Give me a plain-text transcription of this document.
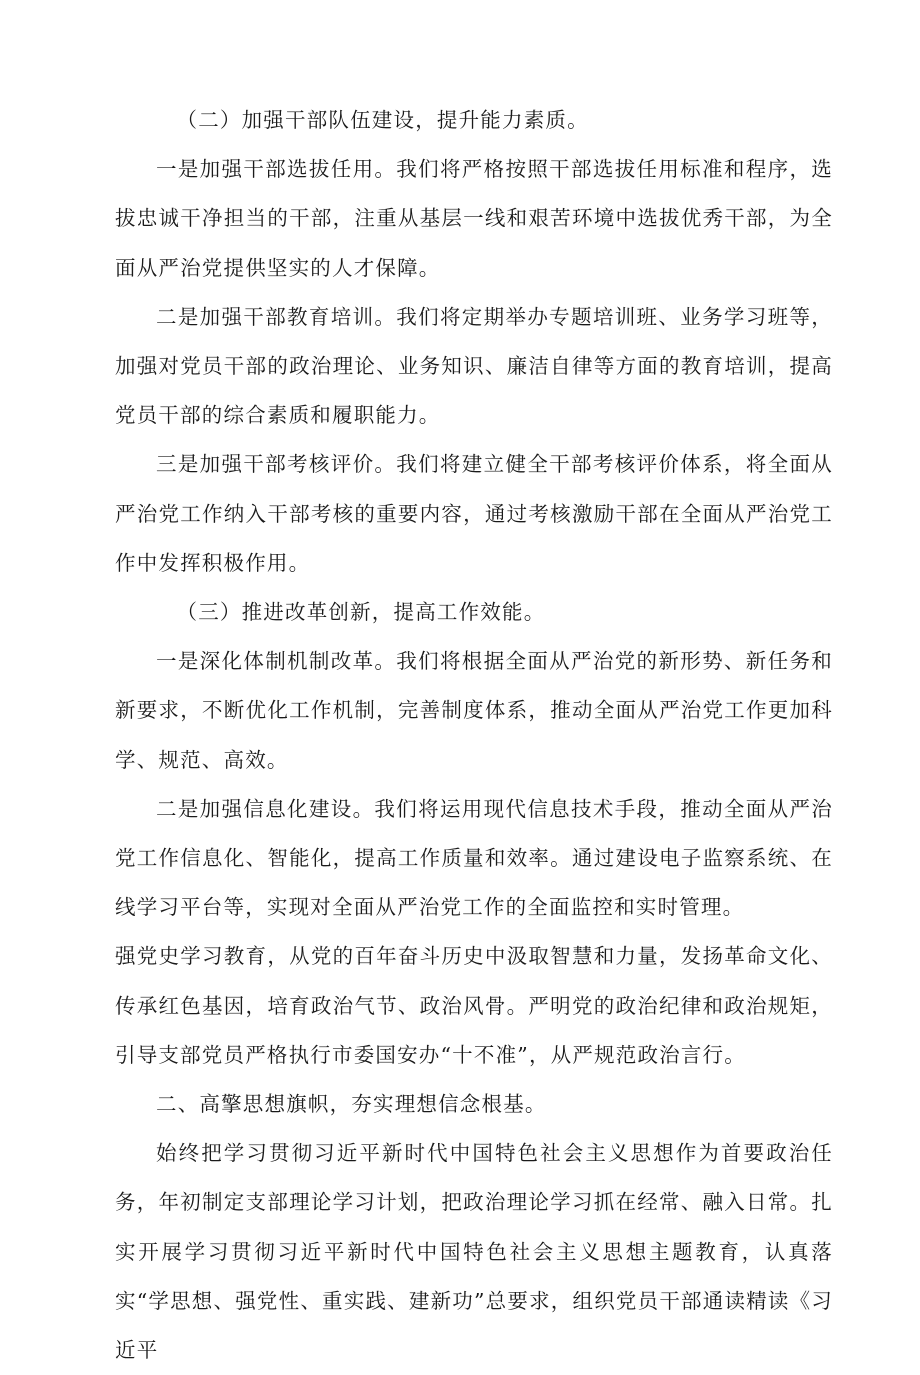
（二）加强干部队伍建设，提升能力素质。

一是加强干部选拔任用。我们将严格按照干部选拔任用标准和程序，选拔忠诚干净担当的干部，注重从基层一线和艰苦环境中选拔优秀干部，为全面从严治党提供坚实的人才保障。

二是加强干部教育培训。我们将定期举办专题培训班、业务学习班等，加强对党员干部的政治理论、业务知识、廉洁自律等方面的教育培训，提高党员干部的综合素质和履职能力。

三是加强干部考核评价。我们将建立健全干部考核评价体系，将全面从严治党工作纳入干部考核的重要内容，通过考核激励干部在全面从严治党工作中发挥积极作用。

（三）推进改革创新，提高工作效能。

一是深化体制机制改革。我们将根据全面从严治党的新形势、新任务和新要求，不断优化工作机制，完善制度体系，推动全面从严治党工作更加科学、规范、高效。

二是加强信息化建设。我们将运用现代信息技术手段，推动全面从严治党工作信息化、智能化，提高工作质量和效率。通过建设电子监察系统、在线学习平台等，实现对全面从严治党工作的全面监控和实时管理。

强党史学习教育，从党的百年奋斗历史中汲取智慧和力量，发扬革命文化、传承红色基因，培育政治气节、政治风骨。严明党的政治纪律和政治规矩，引导支部党员严格执行市委国安办“十不准”，从严规范政治言行。

二、高擎思想旗帜，夯实理想信念根基。

始终把学习贯彻习近平新时代中国特色社会主义思想作为首要政治任务，年初制定支部理论学习计划，把政治理论学习抓在经常、融入日常。扎实开展学习贯彻习近平新时代中国特色社会主义思想主题教育，认真落实“学思想、强党性、重实践、建新功”总要求，组织党员干部通读精读《习近平
